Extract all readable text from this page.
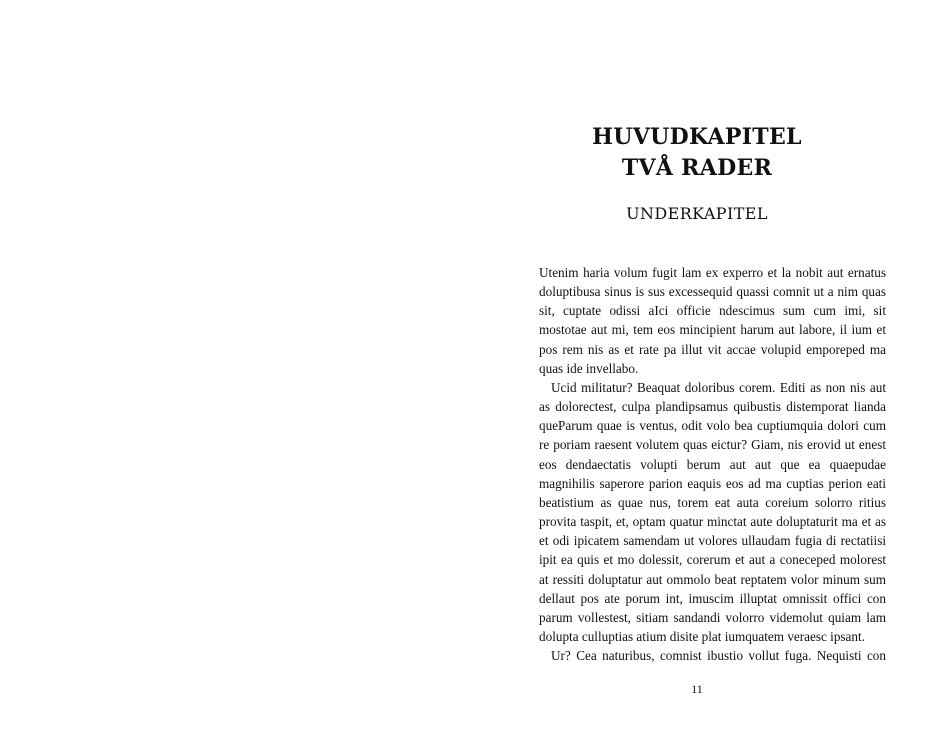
HUVUDKAPITEL
TVÅ RADER
UNDERKAPITEL

Utenim haria volum fugit lam ex experro et la nobit aut ernatus doluptibusa sinus is sus excessequid quassi comnit ut a nim quas sit, cuptate odissi aIci officie ndescimus sum cum imi, sit mostotae aut mi, tem eos mincipient harum aut labore, il ium et pos rem nis as et rate pa illut vit accae volupid emporeped ma quas ide invellabo.

Ucid militatur? Beaquat doloribus corem. Editi as non nis aut as dolorectest, culpa plandipsamus quibustis distemporat lianda queParum quae is ventus, odit volo bea cuptiumquia dolori cum re poriam raesent volutem quas eictur? Giam, nis erovid ut enest eos dendaectatis volupti berum aut aut que ea quaepudae magnihilis saperore parion eaquis eos ad ma cuptias perion eati beatistium as quae nus, torem eat auta coreium solorro ritius provita taspit, et, optam quatur minctat aute doluptaturit ma et as et odi ipicatem samendam ut volores ullaudam fugia di rectatiisi ipit ea quis et mo dolessit, corerum et aut a coneceped molorest at ressiti doluptatur aut ommolo beat reptatem volor minum sum dellaut pos ate porum int, imuscim illuptat omnissit offici con parum vollestest, sitiam sandandi volorro videmolut quiam lam dolupta culluptias atium disite plat iumquatem veraesc ipsant.

Ur? Cea naturibus, comnist ibustio vollut fuga. Nequisti con

11
